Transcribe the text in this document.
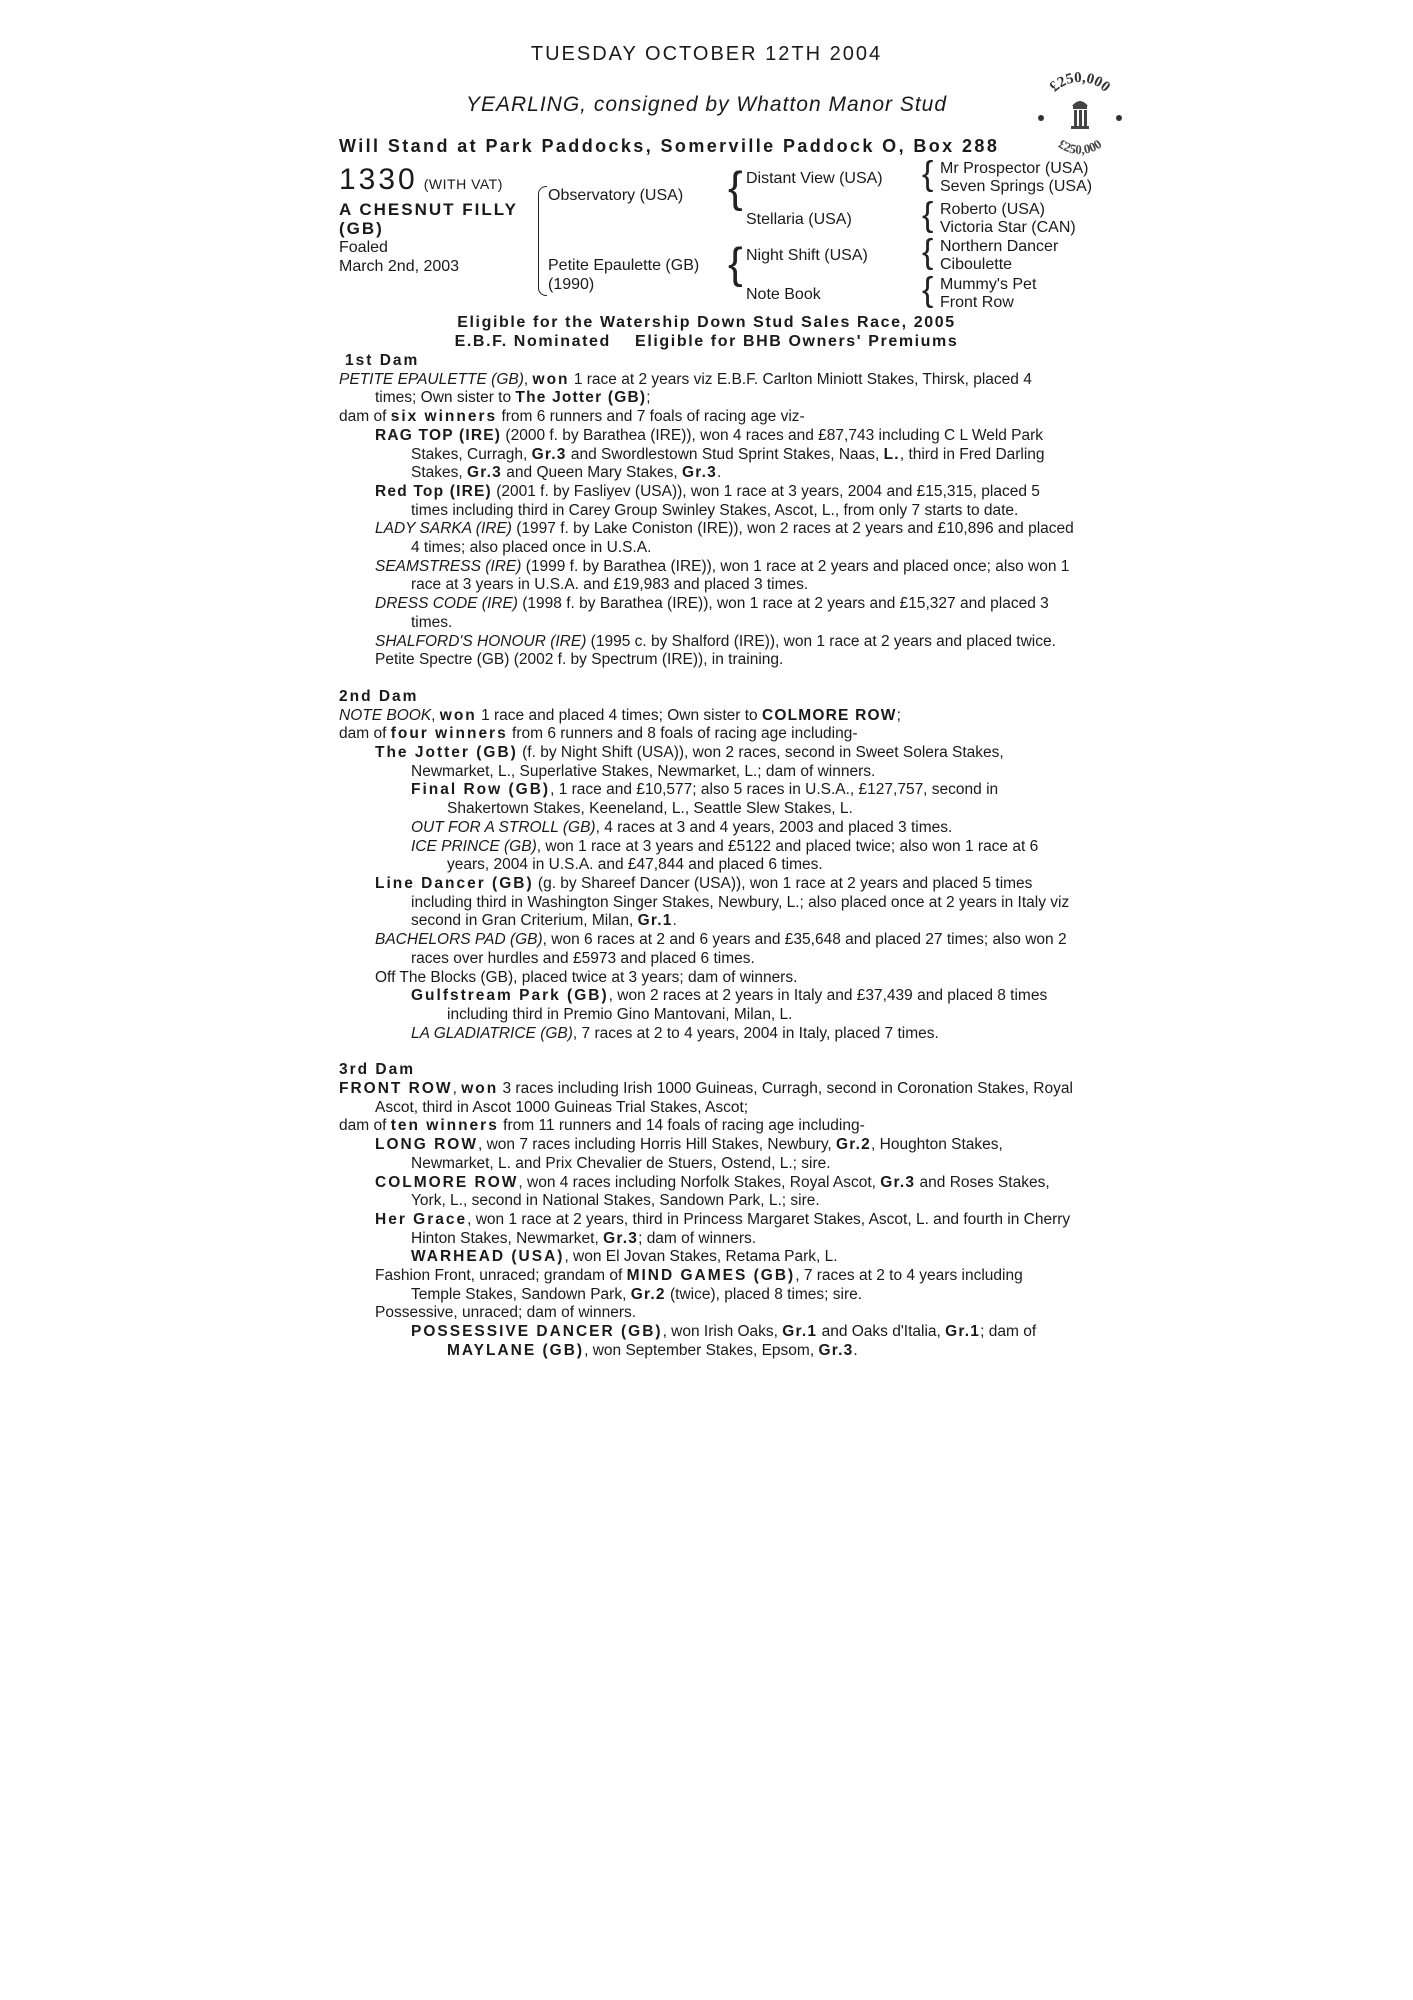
TUESDAY OCTOBER 12TH 2004
YEARLING, consigned by Whatton Manor Stud
Will Stand at Park Paddocks, Somerville Paddock O, Box 288
£250,000
£250,000
1330 (WITH VAT)
A CHESNUT FILLY
(GB)
Foaled
March 2nd, 2003
Observatory (USA)
Petite Epaulette (GB)
(1990)
{ Distant View (USA)
Stellaria (USA)
{ Night Shift (USA)
Note Book
{ Mr Prospector (USA)
Seven Springs (USA)
{ Roberto (USA)
Victoria Star (CAN)
{ Northern Dancer
Ciboulette
{ Mummy's Pet
Front Row
Eligible for the Watership Down Stud Sales Race, 2005
E.B.F. Nominated    Eligible for BHB Owners' Premiums
1st Dam
PETITE EPAULETTE (GB), won 1 race at 2 years viz E.B.F. Carlton Miniott Stakes, Thirsk, placed 4 times; Own sister to The Jotter (GB);
dam of six winners from 6 runners and 7 foals of racing age viz-
RAG TOP (IRE) (2000 f. by Barathea (IRE)), won 4 races and £87,743 including C L Weld Park Stakes, Curragh, Gr.3 and Swordlestown Stud Sprint Stakes, Naas, L., third in Fred Darling Stakes, Gr.3 and Queen Mary Stakes, Gr.3.
Red Top (IRE) (2001 f. by Fasliyev (USA)), won 1 race at 3 years, 2004 and £15,315, placed 5 times including third in Carey Group Swinley Stakes, Ascot, L., from only 7 starts to date.
LADY SARKA (IRE) (1997 f. by Lake Coniston (IRE)), won 2 races at 2 years and £10,896 and placed 4 times; also placed once in U.S.A.
SEAMSTRESS (IRE) (1999 f. by Barathea (IRE)), won 1 race at 2 years and placed once; also won 1 race at 3 years in U.S.A. and £19,983 and placed 3 times.
DRESS CODE (IRE) (1998 f. by Barathea (IRE)), won 1 race at 2 years and £15,327 and placed 3 times.
SHALFORD'S HONOUR (IRE) (1995 c. by Shalford (IRE)), won 1 race at 2 years and placed twice.
Petite Spectre (GB) (2002 f. by Spectrum (IRE)), in training.
2nd Dam
NOTE BOOK, won 1 race and placed 4 times; Own sister to COLMORE ROW;
dam of four winners from 6 runners and 8 foals of racing age including-
The Jotter (GB) (f. by Night Shift (USA)), won 2 races, second in Sweet Solera Stakes, Newmarket, L., Superlative Stakes, Newmarket, L.; dam of winners.
Final Row (GB), 1 race and £10,577; also 5 races in U.S.A., £127,757, second in Shakertown Stakes, Keeneland, L., Seattle Slew Stakes, L.
OUT FOR A STROLL (GB), 4 races at 3 and 4 years, 2003 and placed 3 times.
ICE PRINCE (GB), won 1 race at 3 years and £5122 and placed twice; also won 1 race at 6 years, 2004 in U.S.A. and £47,844 and placed 6 times.
Line Dancer (GB) (g. by Shareef Dancer (USA)), won 1 race at 2 years and placed 5 times including third in Washington Singer Stakes, Newbury, L.; also placed once at 2 years in Italy viz second in Gran Criterium, Milan, Gr.1.
BACHELORS PAD (GB), won 6 races at 2 and 6 years and £35,648 and placed 27 times; also won 2 races over hurdles and £5973 and placed 6 times.
Off The Blocks (GB), placed twice at 3 years; dam of winners.
Gulfstream Park (GB), won 2 races at 2 years in Italy and £37,439 and placed 8 times including third in Premio Gino Mantovani, Milan, L.
LA GLADIATRICE (GB), 7 races at 2 to 4 years, 2004 in Italy, placed 7 times.
3rd Dam
FRONT ROW, won 3 races including Irish 1000 Guineas, Curragh, second in Coronation Stakes, Royal Ascot, third in Ascot 1000 Guineas Trial Stakes, Ascot;
dam of ten winners from 11 runners and 14 foals of racing age including-
LONG ROW, won 7 races including Horris Hill Stakes, Newbury, Gr.2, Houghton Stakes, Newmarket, L. and Prix Chevalier de Stuers, Ostend, L.; sire.
COLMORE ROW, won 4 races including Norfolk Stakes, Royal Ascot, Gr.3 and Roses Stakes, York, L., second in National Stakes, Sandown Park, L.; sire.
Her Grace, won 1 race at 2 years, third in Princess Margaret Stakes, Ascot, L. and fourth in Cherry Hinton Stakes, Newmarket, Gr.3; dam of winners.
WARHEAD (USA), won El Jovan Stakes, Retama Park, L.
Fashion Front, unraced; grandam of MIND GAMES (GB), 7 races at 2 to 4 years including Temple Stakes, Sandown Park, Gr.2 (twice), placed 8 times; sire.
Possessive, unraced; dam of winners.
POSSESSIVE DANCER (GB), won Irish Oaks, Gr.1 and Oaks d'Italia, Gr.1; dam of MAYLANE (GB), won September Stakes, Epsom, Gr.3.
